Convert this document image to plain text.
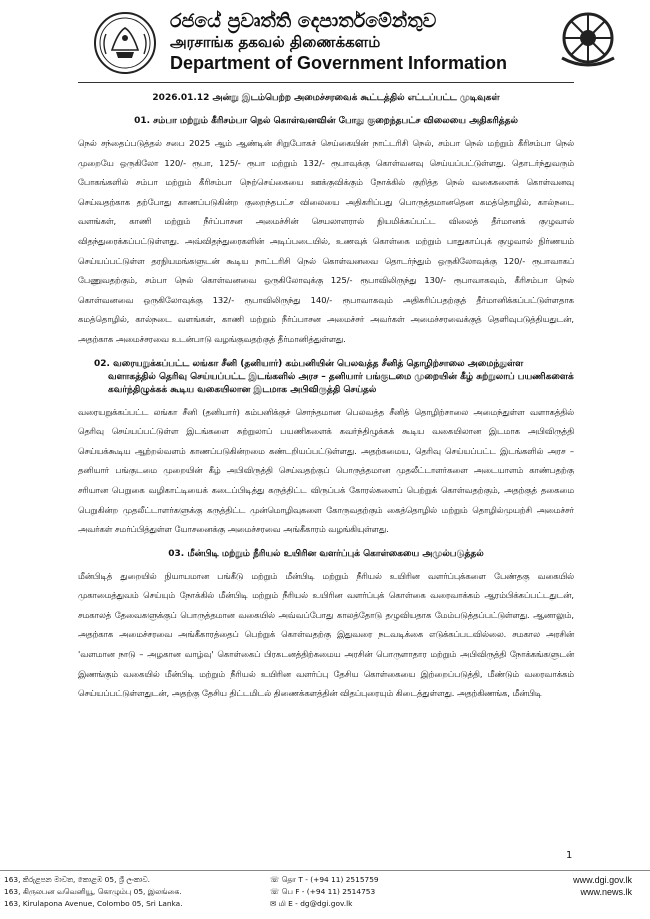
රජයේ ප්‍රවෘත්ති දෙපාර්තමේන්තුව
அரசாங்க தகவல் திணைக்களம்
Department of Government Information
2026.01.12 அன்று இடம்பெற்ற அமைச்சரவைக் கூட்டத்தில் எட்டப்பட்ட முடிவுகள்
01. சம்பா மற்றும் கீரிசம்பா நெல் கொள்வனவின் போது குறைந்தபட்ச விலையை அதிகரித்தல்
நெல் சந்தைப்படுத்தல் சபை 2025 ஆம் ஆண்டின் சிறுபோகச் செய்கையின் நாட்டரிசி நெல், சம்பா நெல் மற்றும் கீரிசம்பா நெல் முறையே ஒருகிலோ 120/- ரூபா, 125/- ரூபா மற்றும் 132/- ரூபாவுக்கு கொள்வனவு செய்யப்பட்டுள்ளது. தொடர்ந்துவரும் போகங்களில் சம்பா மற்றும் கீரிசம்பா நெற்செய்கையை ஊக்குவிக்கும் நோக்கில் குறித்த நெல் வகைகளைக் கொள்வனவு செய்வதற்காக தற்போது காணப்படுகின்ற குறைந்தபட்ச விலையை அதிகரிப்பது பொருத்தமானதென கமத்தொழில், கால்நடை வளங்கள், காணி மற்றும் நீர்ப்பாசன அமைச்சின் செயலாளரால் நியமிக்கப்பட்ட விலைத் தீர்மானக் குழுவால் விதந்துரைக்கப்பட்டுள்ளது. அவ்விதந்துரைகளின் அடிப்படையில், உணவுக் கொள்கை மற்றும் பாதுகாப்புக் குழுவால் நிர்ணயம் செய்யப்பட்டுள்ள தரநியமங்களுடன் கூடிய நாட்டரிசி நெல் கொள்வனவை தொடர்ந்தும் ஒருகிலோவுக்கு 120/- ரூபாவாகப் பேணுவதற்கும், சம்பா நெல் கொள்வனவை ஒருகிலோவுக்கு 125/- ரூபாவிலிருந்து 130/- ரூபாவாகவும், கீரிசம்பா நெல் கொள்வனவை ஒருகிலோவுக்கு 132/- ரூபாவிலிருந்து 140/- ரூபாவாகவும் அதிகரிப்பதற்குத் தீர்மானிக்கப்பட்டுள்ளதாக கமத்தொழில், கால்நடை வளங்கள், காணி மற்றும் நீர்ப்பாசன அமைச்சர் அவர்கள் அமைச்சரவைக்குத் தெளிவுபடுத்தியதுடன், அதற்காக அமைச்சரவை உடன்பாடு வழங்குவதற்குத் தீர்மானித்துள்ளது.
02. வரையறுக்கப்பட்ட லங்கா சீனி (தனியார்) கம்பனியின் பெலவத்த சீனித் தொழிற்சாலை அமைந்துள்ள வளாகத்தில் தெரிவு செய்யப்பட்ட இடங்களில் அரச – தனியார் பங்குடமை முறையின் கீழ் சுற்றுலாப் பயணிகளைக் கவர்ந்திழுக்கக் கூடிய வகையிலான இடமாக அபிவிருத்தி செய்தல்
வரையறுக்கப்பட்ட லங்கா சீனி (தனியார்) கம்பனிக்குச் சொந்தமான பெலவத்த சீனித் தொழிற்சாலை அமைந்துள்ள வளாகத்தில் தெரிவு செய்யப்பட்டுள்ள இடங்களை சுற்றுலாப் பயணிகளைக் கவர்ந்திழுக்கக் கூடிய வகையிலான இடமாக அபிவிருத்தி செய்யக்கூடிய ஆற்றல்வளம் காணப்படுகின்றமை கண்டறியப்பட்டுள்ளது. அதற்கமைய, தெரிவு செய்யப்பட்ட இடங்களில் அரச – தனியார் பங்குடமை முறையின் கீழ் அபிவிருத்தி செய்வதற்குப் பொருத்தமான முதலீட்டாளர்களை அடையாளம் காண்பதற்கு சரியான பெறுகை வழிகாட்டியைக் கடைப்பிடித்து கருத்திட்ட விருப்பக் கோரல்களைப் பெற்றுக் கொள்வதற்கும், அதற்குத் தகைமை பெறுகின்ற முதலீட்டாளர்களுக்கு கருத்திட்ட முன்மொழிவுகளை கோருவதற்கும் கைத்தொழில் மற்றும் தொழில்முயற்சி அமைச்சர் அவர்கள் சமர்ப்பித்துள்ள யோசனைக்கு அமைச்சரவை அங்கீகாரம் வழங்கியுள்ளது.
03. மீன்பிடி மற்றும் நீரியல் உயிரின வளர்ப்புக் கொள்கையை அமுல்படுத்தல்
மீன்பிடித் துறையில் நியாயமான பங்கீடு மற்றும் மீன்பிடி மற்றும் நீரியல் உயிரின வளர்ப்புக்களை பேண்தகு வகையில் முகாமைத்துவம் செய்யும் நோக்கில் மீன்பிடி மற்றும் நீரியல் உயிரின வளர்ப்புக் கொள்கை வரைவாக்கம் ஆரம்பிக்கப்பட்டதுடன், சமகாலத் தேவைகளுக்குப் பொருத்தமான வகையில் அவ்வப்போது காலத்தோடு தழுவியதாக மேம்படுத்தப்பட்டுள்ளது. ஆனாலும், அதற்காக அமைச்சரவை அங்கீகாரத்தைப் பெற்றுக் கொள்வதற்கு இதுவரை நடவடிக்கை எடுக்கப்படவில்லை. சமகால அரசின் 'வளமான நாடு – அழகான வாழ்வு' கொள்கைப் பிரகடனத்திற்கமைய அரசின் பொருளாதார மற்றும் அபிவிருத்தி நோக்கங்களுடன் இணங்கும் வகையில் மீன்பிடி மற்றும் நீரியல் உயிரின வளர்ப்பு தேசிய கொள்கையை இற்றைப்படுத்தி, மீண்டும் வரைவாக்கம் செய்யப்பட்டுள்ளதுடன், அதற்கு தேசிய திட்டமிடல் திணைக்களத்தின் விதப்புரையும் கிடைத்துள்ளது. அதற்கிணங்க, மீன்பிடி
1
163, කිරුළපන මාවත, කොළඹ 05, ශ්‍රී ලංකාව.
163, கிருலபன வவெனியூ, கொழும்பு 05, இலங்கை.
163, Kirulapona Avenue, Colombo 05, Sri Lanka.
☏ தொ T - (+94 11) 2515759
☏ பெ F - (+94 11) 2514753
✉ மி E - dg@dgi.gov.lk
www.dgi.gov.lk
www.news.lk
